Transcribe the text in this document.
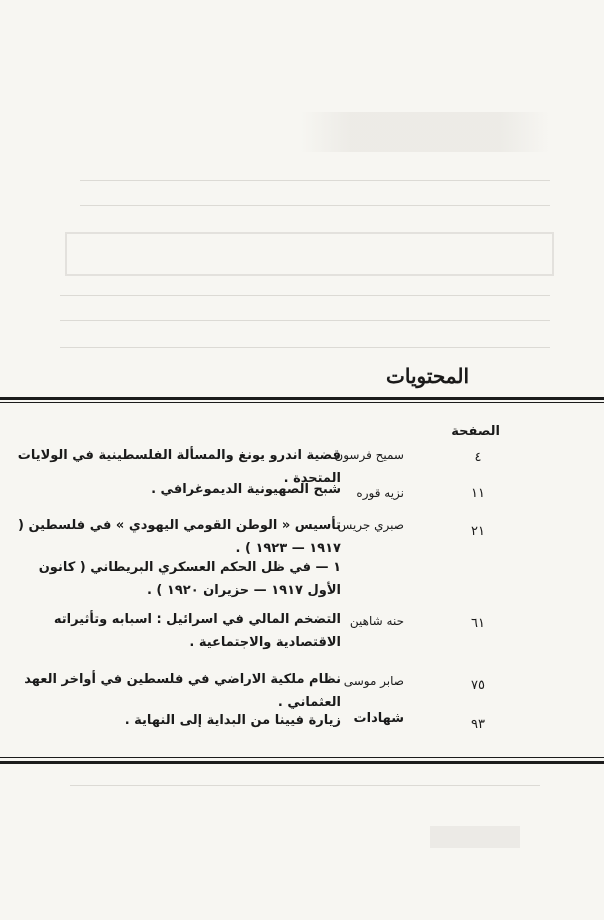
المحتويات
الصفحة
٤
سميح فرسون
قضية اندرو يونغ والمسألة الفلسطينية في الولايات المتحدة .
١١
نزيه قوره
شبح الصهيونية الديموغرافي .
٢١
صبري جريس
تأسيس « الوطن القومي اليهودي » في فلسطين ( ١٩١٧ — ١٩٢٣ ) .
١ — في ظل الحكم العسكري البريطاني ( كانون الأول ١٩١٧ — حزيران ١٩٢٠ ) .
٦١
حنه شاهين
التضخم المالي في اسرائيل : اسبابه وتأثيراته الاقتصادية والاجتماعية .
٧٥
صابر موسى
نظام ملكية الاراضي في فلسطين في أواخر العهد العثماني .
٩٣
شهادات
زيارة فيينا من البداية إلى النهاية .
